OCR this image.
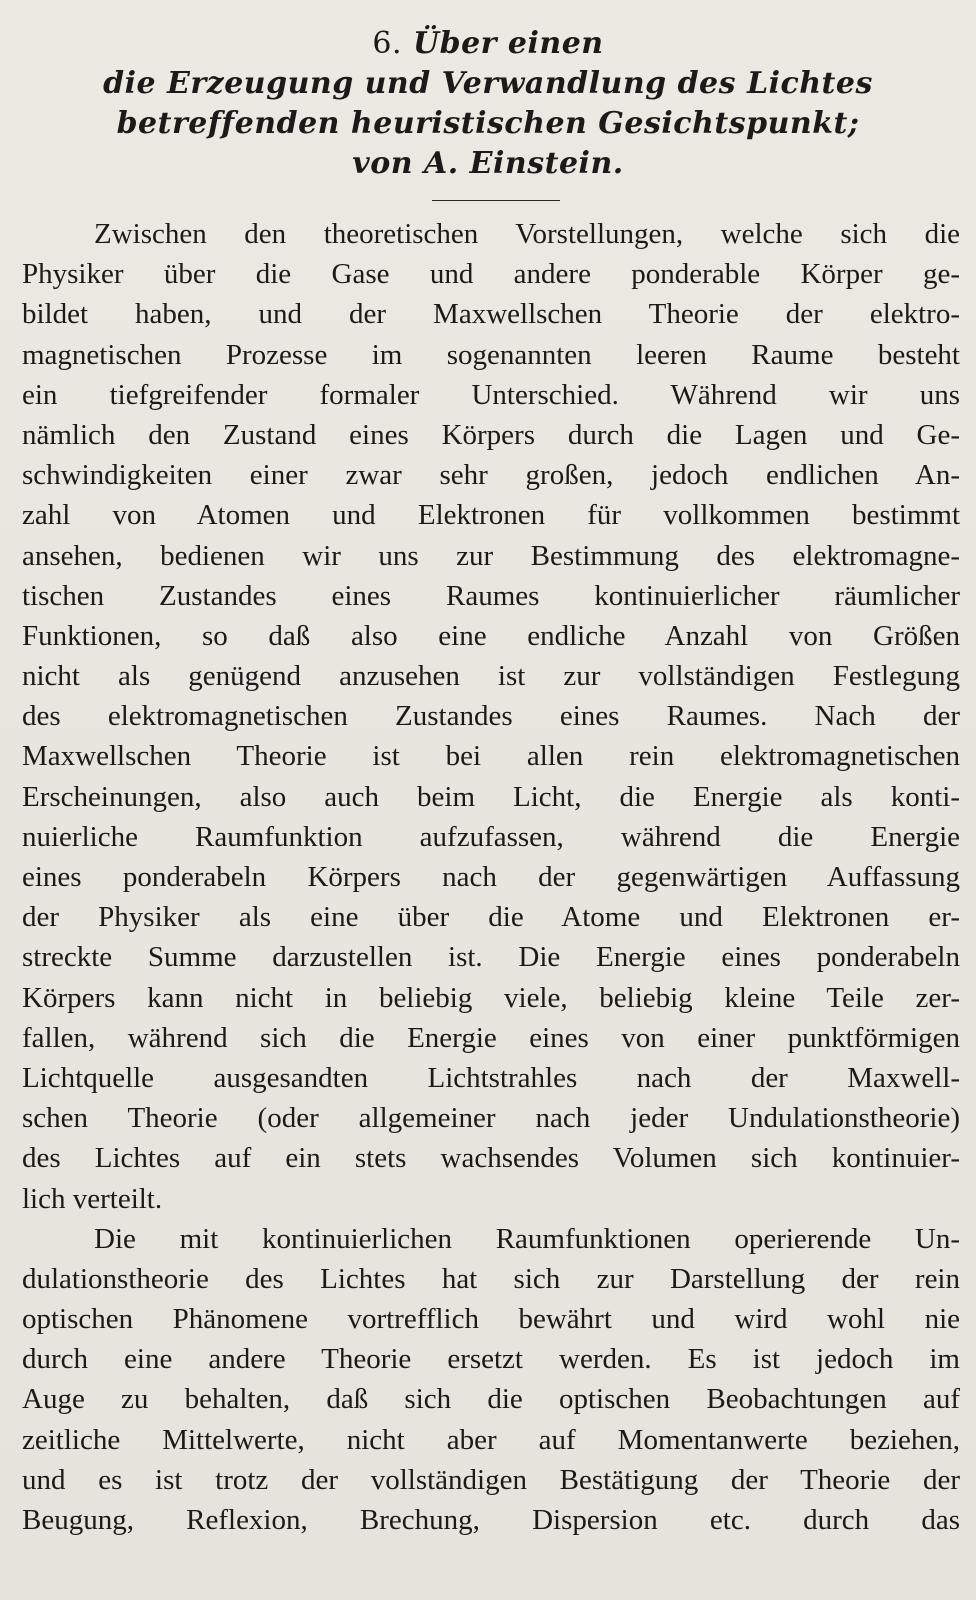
6. Über einen
die Erzeugung und Verwandlung des Lichtes
betreffenden heuristischen Gesichtspunkt;
von A. Einstein.
Zwischen den theoretischen Vorstellungen, welche sich die
Physiker über die Gase und andere ponderable Körper ge-
bildet haben, und der Maxwellschen Theorie der elektro-
magnetischen Prozesse im sogenannten leeren Raume besteht
ein tiefgreifender formaler Unterschied. Während wir uns
nämlich den Zustand eines Körpers durch die Lagen und Ge-
schwindigkeiten einer zwar sehr großen, jedoch endlichen An-
zahl von Atomen und Elektronen für vollkommen bestimmt
ansehen, bedienen wir uns zur Bestimmung des elektromagne-
tischen Zustandes eines Raumes kontinuierlicher räumlicher
Funktionen, so daß also eine endliche Anzahl von Größen
nicht als genügend anzusehen ist zur vollständigen Festlegung
des elektromagnetischen Zustandes eines Raumes. Nach der
Maxwellschen Theorie ist bei allen rein elektromagnetischen
Erscheinungen, also auch beim Licht, die Energie als konti-
nuierliche Raumfunktion aufzufassen, während die Energie
eines ponderabeln Körpers nach der gegenwärtigen Auffassung
der Physiker als eine über die Atome und Elektronen er-
streckte Summe darzustellen ist. Die Energie eines ponderabeln
Körpers kann nicht in beliebig viele, beliebig kleine Teile zer-
fallen, während sich die Energie eines von einer punktförmigen
Lichtquelle ausgesandten Lichtstrahles nach der Maxwell-
schen Theorie (oder allgemeiner nach jeder Undulationstheorie)
des Lichtes auf ein stets wachsendes Volumen sich kontinuier-
lich verteilt.
Die mit kontinuierlichen Raumfunktionen operierende Un-
dulationstheorie des Lichtes hat sich zur Darstellung der rein
optischen Phänomene vortrefflich bewährt und wird wohl nie
durch eine andere Theorie ersetzt werden. Es ist jedoch im
Auge zu behalten, daß sich die optischen Beobachtungen auf
zeitliche Mittelwerte, nicht aber auf Momentanwerte beziehen,
und es ist trotz der vollständigen Bestätigung der Theorie der
Beugung, Reflexion, Brechung, Dispersion etc. durch das
